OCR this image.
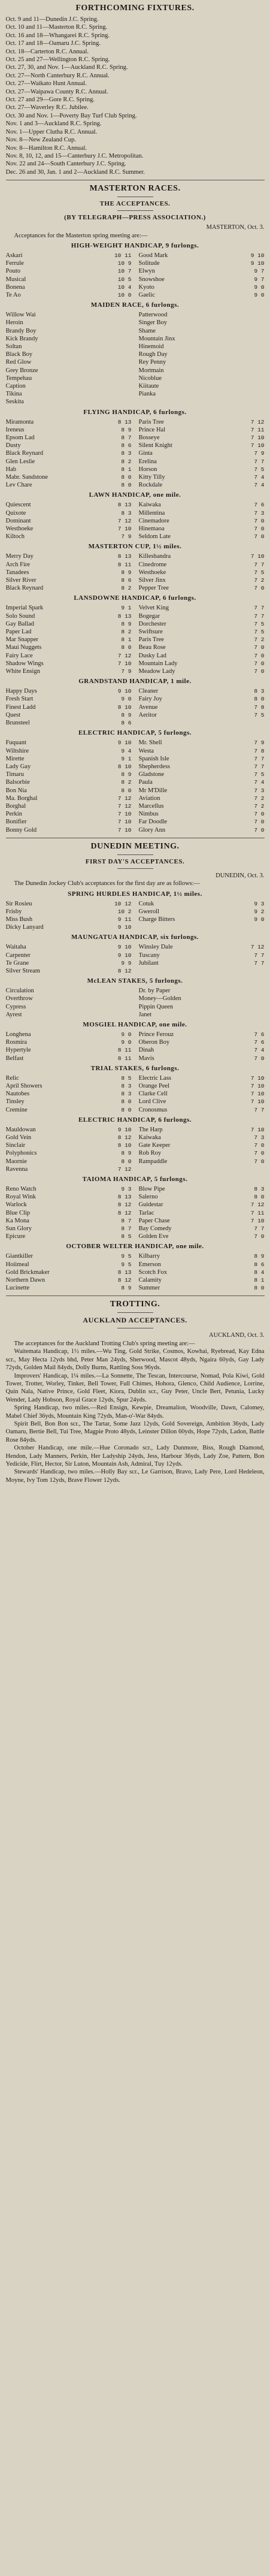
FORTHCOMING FIXTURES.
Oct. 9 and 11—Dunedin J.C. Spring.
Oct. 10 and 11—Masterton R.C. Spring.
Oct. 16 and 18—Whangarei R.C. Spring.
Oct. 17 and 18—Oamaru J.C. Spring.
Oct. 18—Carterton R.C. Annual.
Oct. 25 and 27—Wellington R.C. Spring.
Oct. 27, 30, and Nov. 1—Auckland R.C. Spring.
Oct. 27—North Canterbury R.C. Annual.
Oct. 27—Waikato Hunt Annual.
Oct. 27—Waipawa County R.C. Annual.
Oct. 27 and 29—Gore R.C. Spring.
Oct. 27—Waverley R.C. Jubilee.
Oct. 30 and Nov. 1—Poverty Bay Turf Club Spring.
Nov. 1 and 3—Auckland R.C. Spring.
Nov. 1—Upper Clutha R.C. Annual.
Nov. 8—New Zealand Cup.
Nov. 8—Hamilton R.C. Annual.
Nov. 8, 10, 12, and 15—Canterbury J.C. Metropolitan.
Nov. 22 and 24—South Canterbury J.C. Spring.
Dec. 26 and 30, Jan. 1 and 2—Auckland R.C. Summer.
MASTERTON RACES.
THE ACCEPTANCES.
(BY TELEGRAPH—PRESS ASSOCIATION.)
MASTERTON, Oct. 3.
Acceptances for the Masterton spring meeting are:—
HIGH-WEIGHT HANDICAP, 9 furlongs.
Askari	10 11 Good Mark	9 10
Ferrule	10 9 Solitude	9 10
Pouto	10 7 Elwyn	9 7
Musical	10 5 Snowshoe	9 7
Bonena	10 4 Kyoto	9 0
Te Ao	10 0 Gaelic	9 0
MAIDEN RACE, 6 furlongs.
Willow Wai	Patterwood
Heroin	Singer Boy
Brandy Boy	Shame
Kick Brandy	Mountain Jinx
Soltan	Hinemoid
Black Boy	Rough Day
Red Glow	Rey Penny
Grey Bronze	Mortmain
Tempehau	Nicoblue
Caption	Kiitaute
Tikina	Pianka
Seskita
FLYING HANDICAP, 6 furlongs.
Miramonta	8 13 Paris Tree	7 12
Ireneus	8 9 Prince Hal	7 11
Epsom Lad	8 7 Bosseye	7 10
Dusty	8 6 Silent Knight	7 10
Black Reynard	8 3 Ginta	7 9
Glen Leslie	8 2 Erelina	7 7
Hab	8 1 Horson	7 5
Mabr. Sandstone	8 0 Kitty Tilly	7 4
Lev Chare	8 0 Rockdale	7 4
LAWN HANDICAP, one mile.
Quiescent	8 13 Kaiwaka	7 6
Quixote	8 3 Millentina	7 3
Dominant	7 12 Cinemadore	7 0
Westhoeke	7 10 Hinemaoa	7 0
Kiltoch	7 9 Seldom Late	7 0
MASTERTON CUP, 1½ miles.
Merry Day	8 13 Killeshandra	7 10
Arch Fire	8 11 Cinedrome	7 7
Tanadees	8 9 Westhoeke	7 5
Silver River	8 6 Silver Jinx	7 2
Black Reynard	8 2 Pepper Tree	7 0
LANSDOWNE HANDICAP, 6 furlongs.
Imperial Spark	9 1 Velvet King	7 7
Solo Sound	8 13 Bogegar	7 7
Gay Ballad	8 9 Dorchester	7 5
Paper Lad	8 2 Swiftsure	7 5
Mar Snapper	8 1 Paris Tree	7 2
Maui Nuggets	8 0 Beau Rose	7 0
Fairy Lace	7 12 Dusky Lad	7 0
Shadow Wings	7 10 Mountain Lady	7 0
White Ensign	7 9 Meadow Lady	7 0
GRANDSTAND HANDICAP, 1 mile.
Happy Days	9 10 Cleaner	8 3
Fresh Start	9 0 Fairy Joy	8 0
Finest Ladd	8 10 Avenue	7 8
Quest	8 9 Aeritor	7 5
Brunsteel	8 6
ELECTRIC HANDICAP, 5 furlongs.
Fuquant	9 10 Mr. Shell	7 9
Wiltshire	9 4 Westa	7 8
Mirette	9 1 Spanish Isle	7 7
Lady Gay	8 10 Shepherdess	7 7
Timaru	8 9 Gladstone	7 5
Balsorbie	8 2 Paula	7 4
Bon Nia	8 0 Mr M'Dille	7 3
Ma. Borghal	7 12 Aviation	7 2
Borghal	7 12 Marcellus	7 2
Perkin	7 10 Nimbus	7 0
Bonifier	7 10 Far Doodle	7 0
Bonny Gold	7 10 Glory Ann	7 0
DUNEDIN MEETING.
FIRST DAY'S ACCEPTANCES.
DUNEDIN, Oct. 3.
The Dunedin Jockey Club's acceptances for the first day are as follows:—
SPRING HURDLES HANDICAP, 1½ miles.
Sir Rosieu	10 12 Cotuk	9 3
Frisby	10 2 Gweroll	9 2
Miss Bush	9 11 Charge Bitters	9 0
Dicky Lanyard	9 10
MAUNGATUA HANDICAP, six furlongs.
Waitaha	9 10 Winsley Dale	7 12
Carpenter	9 10 Tuscany	7 7
Te Grane	9 9 Jubilant	7 7
Silver Stream	8 12
McLEAN STAKES, 5 furlongs.
Circulation	Dr. by Paper
Overthrow	Money—Golden
Cypress	Pippin Queen
Ayrest	Janet
MOSGIEL HANDICAP, one mile.
Longhena	9 0 Prince Ferouz	7 6
Rosmira	9 0 Oberon Boy	7 6
Hypertyle	8 11 Dinah	7 4
Belfast	8 11 Mavis	7 0
TRIAL STAKES, 6 furlongs.
Relic	8 5 Electric Lass	7 10
April Showers	8 3 Orange Peel	7 10
Nautobes	8 3 Clarke Cell	7 10
Tinsley	8 0 Lord Clive	7 10
Cremine	8 0 Cronosmus	7 7
ELECTRIC HANDICAP, 6 furlongs.
Mauldowan	9 10 The Harp	7 10
Gold Vein	8 12 Kaiwaka	7 3
Sinclair	8 10 Gate Keeper	7 0
Polyphonics	8 9 Rob Roy	7 0
Maornie	8 0 Rampaddle	7 0
Ravenna	7 12
TAIOMA HANDICAP, 5 furlongs.
Reno Watch	9 3 Blow Pipe	8 3
Royal Wink	8 13 Salerno	8 0
Warlock	8 12 Guidestar	7 12
Blue Clip	8 12 Tarlac	7 11
Ka Mona	8 7 Paper Chase	7 10
Sun Glory	8 7 Bay Comedy	7 7
Epicure	8 5 Golden Eve	7 0
OCTOBER WELTER HANDICAP, one mile.
Giantkiller	9 5 Kilbarry	8 9
Hoiimeal	9 5 Emerson	8 6
Gold Brickmaker	8 13 Scotch Fox	8 4
Northern Dawn	8 12 Calamity	8 1
Lucinette	8 9 Summer	8 0
TROTTING.
AUCKLAND ACCEPTANCES.
AUCKLAND, Oct. 3.
The acceptances for the Auckland Trotting Club's spring meeting are:—
Waitemata Handicap, 1½ miles.—Wu Ting, Gold Strike, Cosmos, Kowhai, Ryebread, Kay Edna scr., May Hecta 12yds bhd, Peter Man 24yds, Sherwood, Mascot 48yds, Ngaira 60yds, Gay Lady 72yds, Golden Mail 84yds, Dolly Burns, Rattling Soss 96yds.
Improvers' Handicap, 1¼ miles.—La Sonnette, The Tescan, Intercourse, Nomad, Pola Kiwi, Gold Tower, Trotter, Worley, Tinker, Bell Tower, Full Chimes, Hohora, Glenco, Child Audience, Lorrine, Quin Nala, Native Prince, Gold Fleet, Kiora, Dublin scr., Guy Peter, Uncle Bert, Petunia, Lucky Wender, Lady Hobson, Royal Grace 12yds, Spur 24yds.
Spring Handicap, two miles.—Red Ensign, Kewpie, Dreamalion, Woodville, Dawn, Calomey, Mabel Chief 36yds, Mountain King 72yds, Man-o'-War 84yds.
Spirit Bell, Bon Bon scr., The Tartar, Some Jazz 12yds, Gold Sovereign, Ambition 36yds, Lady Oamaru, Bertie Bell, Tui Tree, Magpie Proto 48yds, Leinster Dillon 60yds, Hope 72yds, Ladon, Battle Rose 84yds.
October Handicap, one mile.—Hue Coronado scr., Lady Dunmore, Biss, Rough Diamond, Hendon, Lady Manners, Perkin, Her Ladyship 24yds, Jess, Harbour 36yds, Lady Zoe, Pattern, Bon Yedicide, Flirt, Hector, Sir Luton, Mountain Ash, Admiral, Tuy 12yds.
Stewards' Handicap, two miles.—Holly Bay scr., Le Garrison, Bravo, Lady Pere, Lord Hedeleon, Moyne, Ivy Tom 12yds, Brave Flower 12yds.
